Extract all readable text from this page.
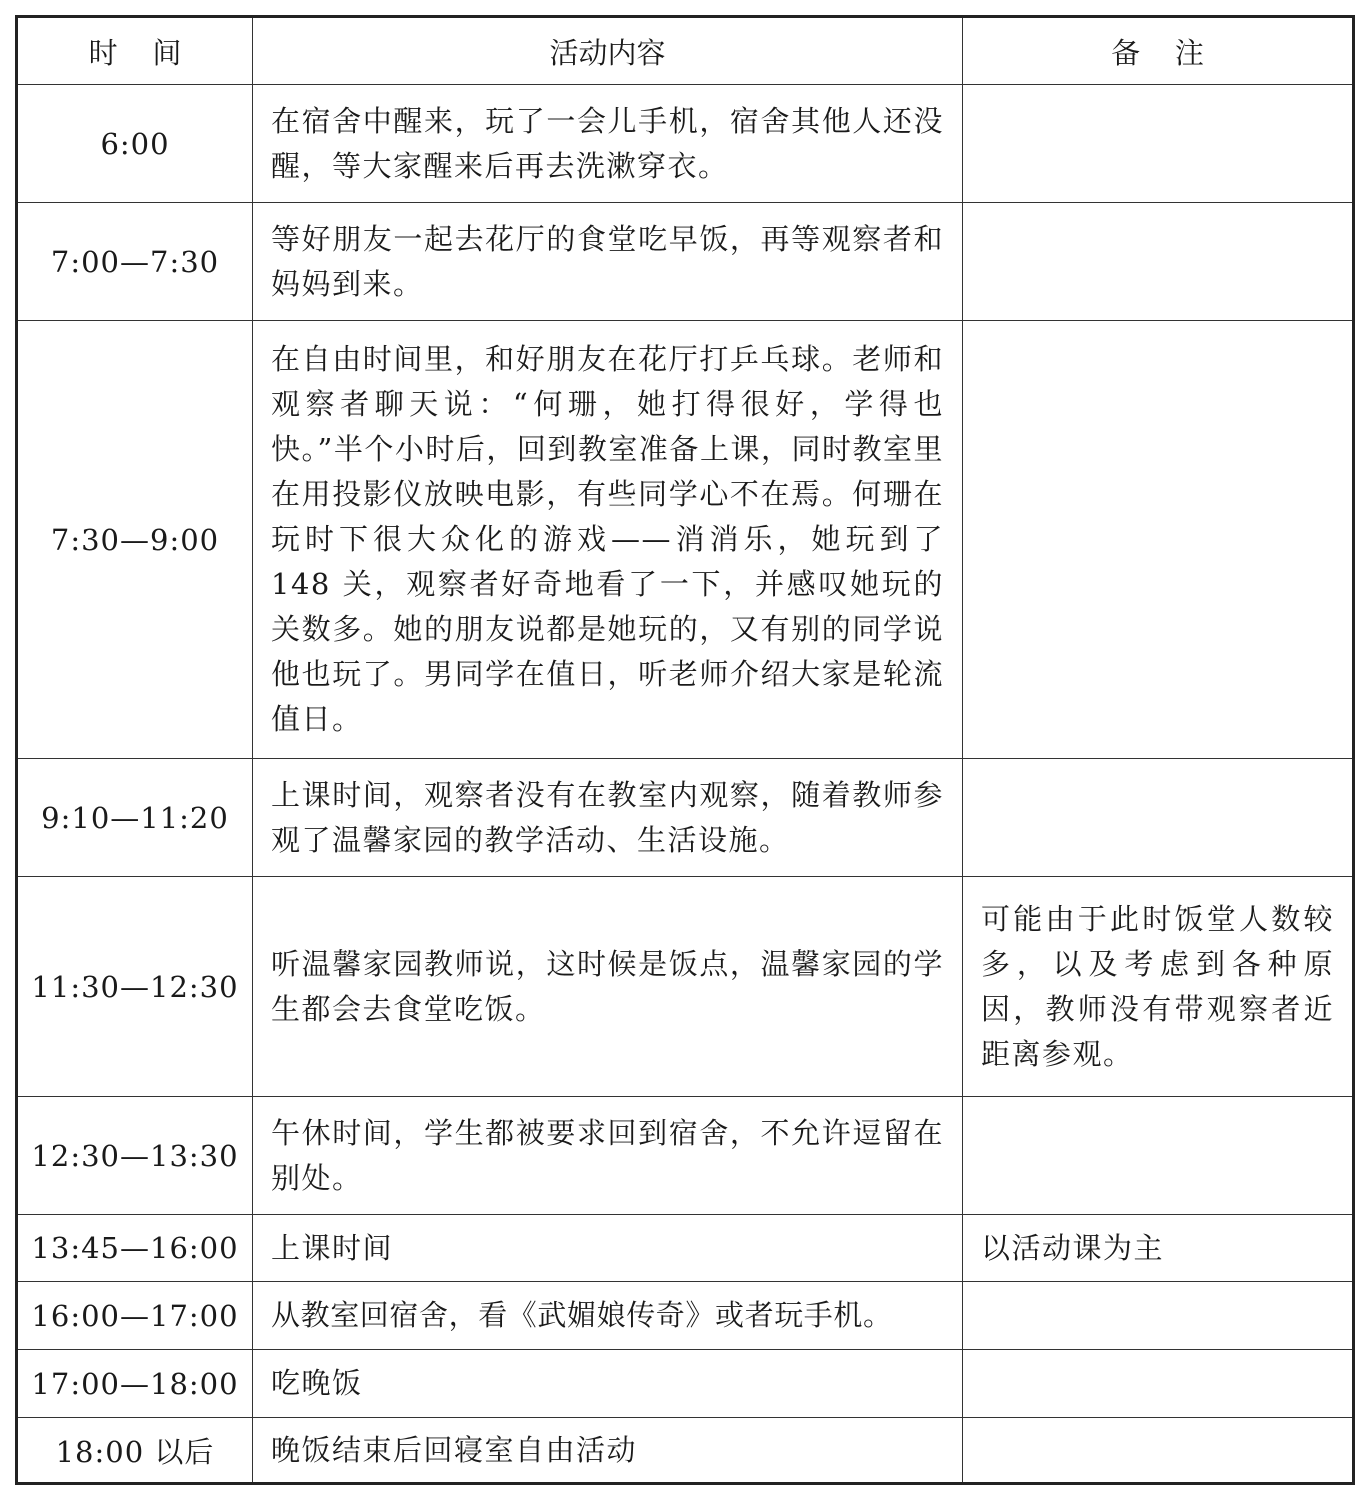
时间	活动内容	备注
6:00	在宿舍中醒来，玩了一会儿手机，宿舍其他人还没醒，等大家醒来后再去洗漱穿衣。	
7:00—7:30	等好朋友一起去花厅的食堂吃早饭，再等观察者和妈妈到来。	
7:30—9:00	在自由时间里，和好朋友在花厅打乒乓球。老师和观察者聊天说：“何珊，她打得很好，学得也快。”半个小时后，回到教室准备上课，同时教室里在用投影仪放映电影，有些同学心不在焉。何珊在玩时下很大众化的游戏——消消乐，她玩到了 148 关，观察者好奇地看了一下，并感叹她玩的关数多。她的朋友说都是她玩的，又有别的同学说他也玩了。男同学在值日，听老师介绍大家是轮流值日。	
9:10—11:20	上课时间，观察者没有在教室内观察，随着教师参观了温馨家园的教学活动、生活设施。	
11:30—12:30	听温馨家园教师说，这时候是饭点，温馨家园的学生都会去食堂吃饭。	可能由于此时饭堂人数较多，以及考虑到各种原因，教师没有带观察者近距离参观。
12:30—13:30	午休时间，学生都被要求回到宿舍，不允许逗留在别处。	
13:45—16:00	上课时间	以活动课为主
16:00—17:00	从教室回宿舍，看《武媚娘传奇》或者玩手机。	
17:00—18:00	吃晚饭	
18:00 以后	晚饭结束后回寝室自由活动	
